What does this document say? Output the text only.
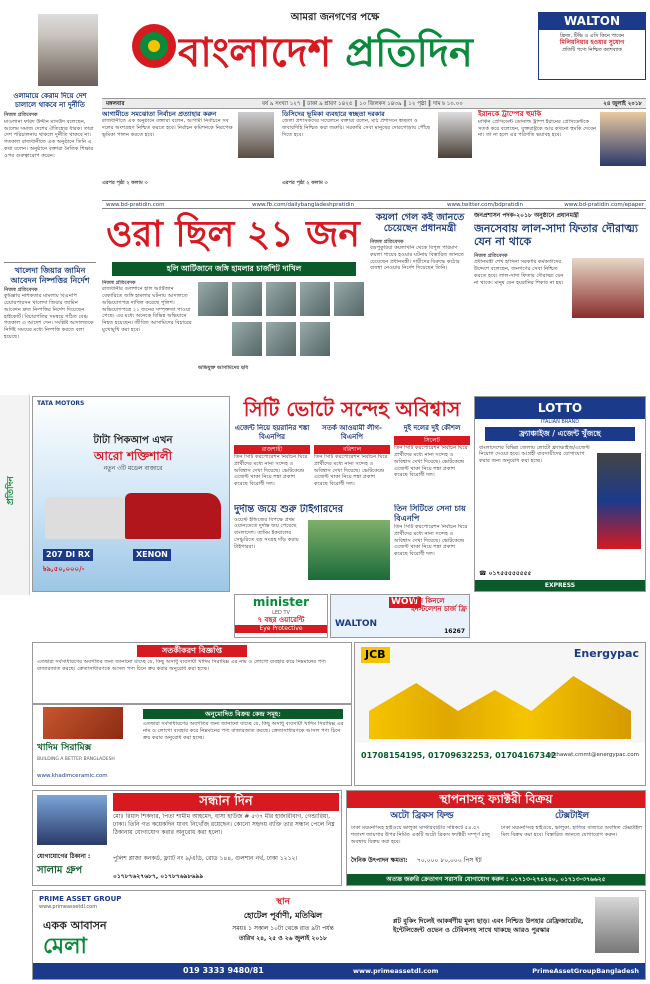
ওলামায়ে কেরাম দিয়ে দেশ চালালে থাকবে না দুর্নীতি
নিজস্ব প্রতিবেদক
মাওলানা ফরিদ উদ্দীন মাসউদ বলেছেন, আলেম সমাজ দেশের ঐতিহ্যের ধারক। তারা দেশ পরিচালনায় থাকলে দুর্নীতি থাকবে না। গতকাল রাজধানীতে এক অনুষ্ঠানে তিনি এ কথা বলেন। অনুষ্ঠানে বক্তারা নৈতিক শিক্ষার ওপর গুরুত্বারোপ করেন।
খালেদা জিয়ার জামিন আবেদন নিষ্পত্তির নির্দেশ
নিজস্ব প্রতিবেদক
কুমিল্লায় নাশকতার মামলায় বিএনপি চেয়ারপারসন খালেদা জিয়ার জামিন আবেদন দ্রুত নিষ্পত্তির নির্দেশ দিয়েছেন হাইকোর্ট। বিচারপতির সমন্বয়ে গঠিত বেঞ্চ গতকাল এ আদেশ দেন। সংশ্লিষ্ট আদালতকে নির্দিষ্ট সময়ের মধ্যে নিষ্পত্তি করতে বলা হয়েছে।
প্রতিদিন
আমরা জনগণের পক্ষে
বাংলাদেশ প্রতিদিন
WALTON
ফ্রিজ, টিভি ও এসি কিনে পাবেন
মিলিয়নিয়ার হওয়ার সুযোগ
প্রতিটি পণ্যে নিশ্চিত ক্যাশব্যাক
মঙ্গলবার	বর্ষ ৯ সংখ্যা ১২৭ ║ ঢাকা ৯ শ্রাবণ ১৪২৫ ║ ১০ জিলকদ ১৪৩৯ ║ ১২ পৃষ্ঠা ║ দাম ৳ ১০.০০	২৪ জুলাই ২০১৮
আগামীতে সমঝোতা নির্বাচন প্রত্যাহার করুন
রাজধানীতে এক অনুষ্ঠানে বক্তারা বলেন, আগামী নির্বাচনে সব দলের অংশগ্রহণ নিশ্চিত করতে হবে। নির্বাচন কমিশনকে নিরপেক্ষ ভূমিকা পালন করতে হবে।
এরপর পৃষ্ঠা ২ কলাম ৩
ডিসিদের ভূমিকা ব্যবহারে স্বচ্ছতা দরকার
জেলা প্রশাসকদের সম্মেলনে বক্তারা বলেন, মাঠ প্রশাসনে স্বচ্ছতা ও জবাবদিহি নিশ্চিত করা জরুরি। সরকারি সেবা মানুষের দোরগোড়ায় পৌঁছে দিতে হবে।
এরপর পৃষ্ঠা ২ কলাম ৩
ইরানকে ট্রাম্পের হুমকি
মার্কিন প্রেসিডেন্ট ডোনাল্ড ট্রাম্প ইরানের প্রেসিডেন্টকে সতর্ক করে বলেছেন, যুক্তরাষ্ট্রকে আর কখনো হুমকি দেবেন না। তা না হলে এর পরিণতি ভয়াবহ হবে।
www.bd-pratidin.com	www.fb.com/dailybangladeshpratidin	www.twitter.com/bdpratidin	www.bd-pratidin.com/epaper
ওরা ছিল ২১ জন
হলি আর্টিজানে জঙ্গি হামলার চার্জশিট দাখিল
নিজস্ব প্রতিবেদক
রাজধানীর গুলশানে হলি আর্টিজান বেকারিতে জঙ্গি হামলার ঘটনায় আদালতে অভিযোগপত্র দাখিল করেছে পুলিশ। অভিযোগপত্রে ২১ জনের সম্পৃক্ততা পাওয়া গেছে। এর মধ্যে অনেকে বিভিন্ন অভিযানে নিহত হয়েছেন। জীবিত আসামিদের বিচারের মুখোমুখি করা হবে।
অভিযুক্ত আসামিদের ছবি
কয়লা গেল কই জানতে চেয়েছেন প্রধানমন্ত্রী
নিজস্ব প্রতিবেদক
বড়পুকুরিয়া কয়লাখনি থেকে বিপুল পরিমাণ কয়লা গায়েব হওয়ার ঘটনায় বিস্তারিত জানতে চেয়েছেন প্রধানমন্ত্রী। দায়ীদের বিরুদ্ধে কঠোর ব্যবস্থা নেওয়ার নির্দেশ দিয়েছেন তিনি।
জনপ্রশাসন পদক-২০১৮ অনুষ্ঠানে প্রধানমন্ত্রী
জনসেবায় লাল-সাদা ফিতার দৌরাত্ম্য যেন না থাকে
নিজস্ব প্রতিবেদক
প্রধানমন্ত্রী শেখ হাসিনা সরকারি কর্মকর্তাদের উদ্দেশে বলেছেন, জনগণের সেবা নিশ্চিত করতে হবে। লাল-সাদা ফিতার দৌরাত্ম্য যেন না থাকে। মানুষ যেন হয়রানির শিকার না হয়।
TATA MOTORS
টাটা পিকআপ এখন
আরো শক্তিশালী
নতুন ৩টি মডেল বাজারে
207 DI RX	XENON
৳৯,৫০,০০০/-
সিটি ভোটে সন্দেহ অবিশ্বাস
এজেন্ট নিয়ে হয়রানির শঙ্কা বিএনপির
রাজশাহী
তিন সিটি করপোরেশন নির্বাচন ঘিরে প্রার্থীদের মধ্যে নানা সন্দেহ ও অবিশ্বাস দেখা দিয়েছে। ভোটকেন্দ্রে এজেন্ট থাকা নিয়ে শঙ্কা প্রকাশ করেছে বিরোধী দল।
সতর্ক আওয়ামী লীগ-বিএনপি
বরিশাল
তিন সিটি করপোরেশন নির্বাচন ঘিরে প্রার্থীদের মধ্যে নানা সন্দেহ ও অবিশ্বাস দেখা দিয়েছে। ভোটকেন্দ্রে এজেন্ট থাকা নিয়ে শঙ্কা প্রকাশ করেছে বিরোধী দল।
দুই দলের দুই কৌশল
সিলেট
তিন সিটি করপোরেশন নির্বাচন ঘিরে প্রার্থীদের মধ্যে নানা সন্দেহ ও অবিশ্বাস দেখা দিয়েছে। ভোটকেন্দ্রে এজেন্ট থাকা নিয়ে শঙ্কা প্রকাশ করেছে বিরোধী দল।
দুর্দান্ত জয়ে শুরু টাইগারদের
ওয়েস্ট ইন্ডিজের বিপক্ষে প্রথম ওয়ানডেতে দুর্দান্ত জয় পেয়েছে বাংলাদেশ। তামিম ইকবালের সেঞ্চুরিতে বড় সংগ্রহ দাঁড় করায় টাইগাররা।
তিন সিটিতে সেনা চায় বিএনপি
তিন সিটি করপোরেশন নির্বাচন ঘিরে প্রার্থীদের মধ্যে নানা সন্দেহ ও অবিশ্বাস দেখা দিয়েছে। ভোটকেন্দ্রে এজেন্ট থাকা নিয়ে শঙ্কা প্রকাশ করেছে বিরোধী দল।
LOTTO
ITALIAN BRAND
ফ্র্যাঞ্চাইজ / এজেন্ট খুঁজছে
বাংলাদেশের বিভিন্ন জেলায় লোটো ফ্র্যাঞ্চাইজ/এজেন্ট নিয়োগ দেওয়া হবে। আগ্রহী ব্যবসায়ীদের যোগাযোগ করার জন্য অনুরোধ করা হচ্ছে।
☎ ০১৭৫৫৫৫৫৫৫৫
EXPRESS
minister
LED TV
৭ বছর ওয়ারেন্টি
Eye Protective	WALTON
WOW
এসি কিনলে ইনস্টলেশন চার্জ ফ্রি
16267
সতর্কীকরণ বিজ্ঞপ্তি
এতদ্বারা সর্বসাধারণের অবগতির জন্য জানানো যাচ্ছে যে, কিছু অসাধু ব্যবসায়ী খাদিম সিরামিক্স এর নাম ও লোগো ব্যবহার করে নিম্নমানের পণ্য বাজারজাত করছে। ক্রেতাসাধারণকে আসল পণ্য চিনে ক্রয় করার অনুরোধ করা হচ্ছে।
খাদিম সিরামিক্স
BUILDING A BETTER BANGLADESH
www.khadimceramic.com
অনুমোদিত বিক্রয় কেন্দ্র সমূহ:
এতদ্বারা সর্বসাধারণের অবগতির জন্য জানানো যাচ্ছে যে, কিছু অসাধু ব্যবসায়ী খাদিম সিরামিক্স এর নাম ও লোগো ব্যবহার করে নিম্নমানের পণ্য বাজারজাত করছে। ক্রেতাসাধারণকে আসল পণ্য চিনে ক্রয় করার অনুরোধ করা হচ্ছে।
JCB	Energypac
01708154195, 01709632253, 01704167342
sekhawat.cmmt@energypac.com
সন্ধান দিন
মোঃ রিয়াদ শিকদার, পিতা শামীম আহমেদ, বাসা হাউজ # ৫৩৭ মীর হাজারীবাগ, গেন্ডারিয়া, ঢাকা। তিনি গত কয়েকদিন যাবৎ নিখোঁজ রয়েছেন। কোনো সহৃদয় ব্যক্তি তার সন্ধান পেলে নিম্ন ঠিকানায় যোগাযোগ করার অনুরোধ করা হলো।
যোগাযোগের ঠিকানা :
সালাম গ্রুপ
পুলিশ প্লাজা কনকর্ড, ফ্ল্যাট নং ৯/এডি, রোড ১৪৪, গুলশান নর্থ, ঢাকা ১২১২।
০১৭৮৭৬২৭৬৮৭, ০১৭৮৭৬৯৮৬৯৯
স্থাপনাসহ ফ্যাক্টরী বিক্রয়
অটো ব্রিকস ফিল্ড	টেক্সটাইল
ঢাকা ময়মনসিংহ হাইওয়ে ভালুকা মাস্টারবাড়ীর সন্নিকটে ৫৪.৫৭ শতাংশ জায়গার উপর নির্মিত একটি অটো ব্রিকস ফ্যাক্টরী সম্পূর্ণ চালু অবস্থায় বিক্রয় করা হবে।
ঢাকা ময়মনসিংহ হাইওয়ে, ভালুকা, হাজির বাজারে অবস্থিত টেক্সটাইল মিল বিক্রয় করা হবে। বিস্তারিত জানতে যোগাযোগ করুন।
দৈনিক উৎপাদন ক্ষমতা: ৭০,০০০ ৮০,০০০ পিস ইট
অত্যন্ত জরুরি ক্রেতাগণ সরাসরি যোগাযোগ করুন : ০১৭১৩-২৭৪২৪০, ০১৭১৩-৩৭৬৬২৫
PRIME ASSET GROUP
www.primeassetdl.com
একক আবাসন
মেলা
স্থান
হোটেল পূর্বাণী, মতিঝিল
সময়ঃ ১ সকাল ১০টা থেকে রাত ৯টা পর্যন্ত
তারিখ ২৪, ২৫ ও ২৬ জুলাই ২০১৮
প্লট বুকিং দিলেই আকর্ষণীয় মূল্য ছাড়। এবং নিশ্চিত উপহার রেফ্রিজারেটর, ইন্টেলিজেন্ট ওভেন ও টেবিলসহ সাথে থাকছে আরও পুরস্কার
019 3333 9480/81	www.primeassetdl.com	PrimeAssetGroupBangladesh
